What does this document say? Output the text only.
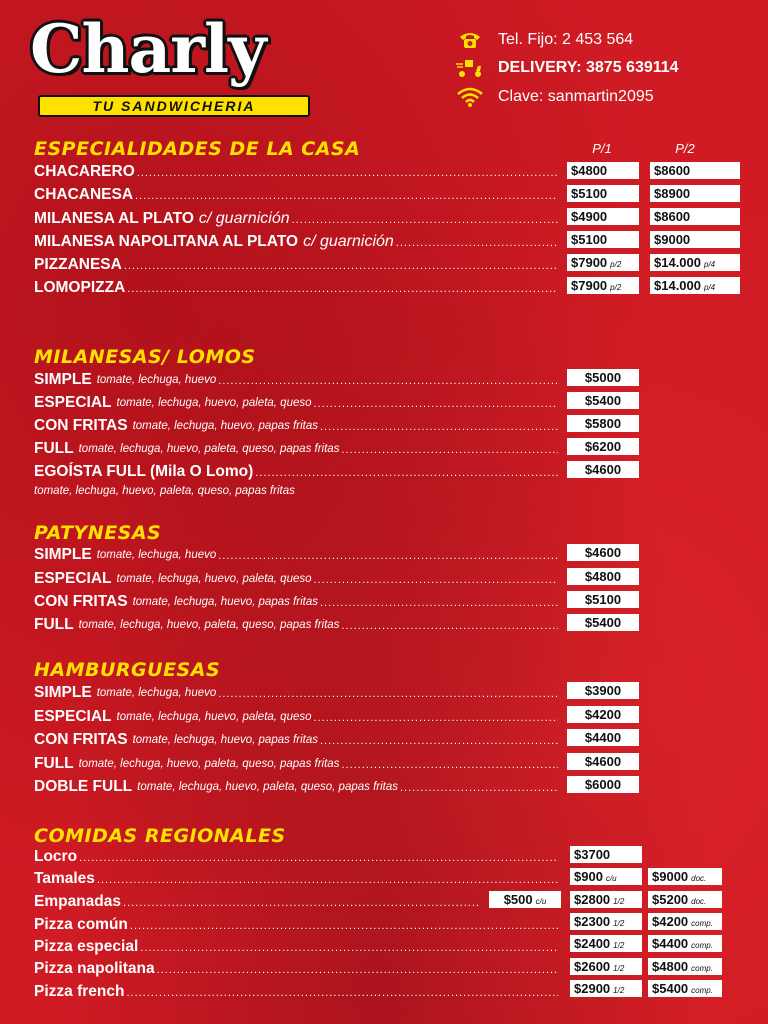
Charly
TU SANDWICHERIA
Tel. Fijo: 2 453 564
DELIVERY: 3875 639114
Clave: sanmartin2095
ESPECIALIDADES DE LA CASA	P/1	P/2
CHACARERO .....	$4800	$8600
CHACANESA .....	$5100	$8900
MILANESA AL PLATO c/ guarnición .....	$4900	$8600
MILANESA NAPOLITANA AL PLATO c/ guarnición .....	$5100	$9000
PIZZANESA .....	$7900 p/2	$14.000 p/4
LOMOPIZZA .....	$7900 p/2	$14.000 p/4
MILANESAS/ LOMOS
SIMPLE tomate, lechuga, huevo .....	$5000
ESPECIAL tomate, lechuga, huevo, paleta, queso .....	$5400
CON FRITAS tomate, lechuga, huevo, papas fritas .....	$5800
FULL tomate, lechuga, huevo, paleta, queso, papas fritas .....	$6200
EGOÍSTA FULL (Mila O Lomo) .....	$4600
tomate, lechuga, huevo, paleta, queso, papas fritas
PATYNESAS
SIMPLE tomate, lechuga, huevo .....	$4600
ESPECIAL tomate, lechuga, huevo, paleta, queso .....	$4800
CON FRITAS tomate, lechuga, huevo, papas fritas .....	$5100
FULL tomate, lechuga, huevo, paleta, queso, papas fritas .....	$5400
HAMBURGUESAS
SIMPLE tomate, lechuga, huevo .....	$3900
ESPECIAL tomate, lechuga, huevo, paleta, queso .....	$4200
CON FRITAS tomate, lechuga, huevo, papas fritas .....	$4400
FULL tomate, lechuga, huevo, paleta, queso, papas fritas .....	$4600
DOBLE FULL tomate, lechuga, huevo, paleta, queso, papas fritas .....	$6000
COMIDAS REGIONALES
Locro .....	$3700
Tamales .....	$900 c/u	$9000 doc.
Empanadas .....	$500 c/u	$2800 1/2	$5200 doc.
Pizza común .....	$2300 1/2	$4200 comp.
Pizza especial .....	$2400 1/2	$4400 comp.
Pizza napolitana .....	$2600 1/2	$4800 comp.
Pizza french .....	$2900 1/2	$5400 comp.
